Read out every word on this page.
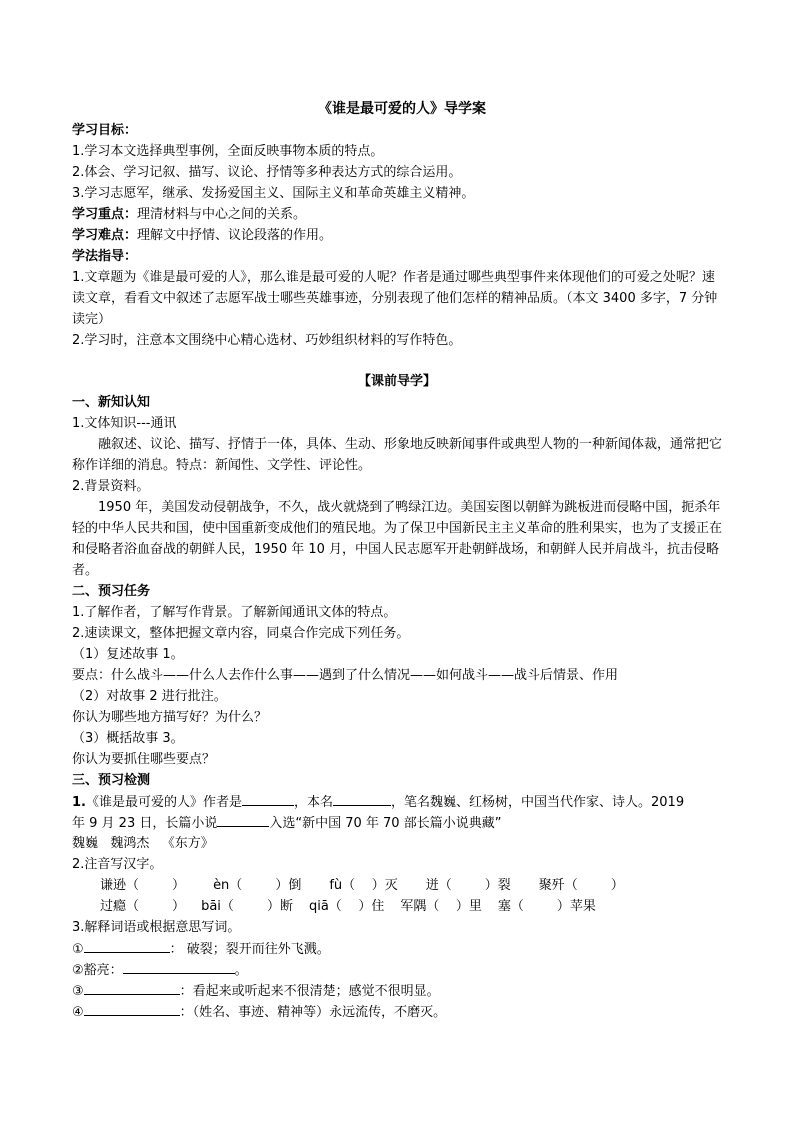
《谁是最可爱的人》导学案
学习目标：
1.学习本文选择典型事例，全面反映事物本质的特点。
2.体会、学习记叙、描写、议论、抒情等多种表达方式的综合运用。
3.学习志愿军，继承、发扬爱国主义、国际主义和革命英雄主义精神。
学习重点：理清材料与中心之间的关系。
学习难点：理解文中抒情、议论段落的作用。
学法指导：
1.文章题为《谁是最可爱的人》，那么谁是最可爱的人呢？作者是通过哪些典型事件来体现他们的可爱之处呢？速读文章，看看文中叙述了志愿军战士哪些英雄事迹，分别表现了他们怎样的精神品质。（本文 3400 多字，7 分钟读完）
2.学习时，注意本文围绕中心精心选材、巧妙组织材料的写作特色。
【课前导学】
一、新知认知
1.文体知识---通讯
融叙述、议论、描写、抒情于一体，具体、生动、形象地反映新闻事件或典型人物的一种新闻体裁，通常把它称作详细的消息。特点：新闻性、文学性、评论性。
2.背景资料。
1950 年，美国发动侵朝战争，不久，战火就烧到了鸭绿江边。美国妄图以朝鲜为跳板进而侵略中国，扼杀年轻的中华人民共和国，使中国重新变成他们的殖民地。为了保卫中国新民主主义革命的胜利果实，也为了支援正在和侵略者浴血奋战的朝鲜人民，1950 年 10 月，中国人民志愿军开赴朝鲜战场，和朝鲜人民并肩战斗，抗击侵略者。
二、预习任务
1.了解作者，了解写作背景。了解新闻通讯文体的特点。
2.速读课文，整体把握文章内容，同桌合作完成下列任务。
（1）复述故事 1。
要点：什么战斗——什么人去作什么事——遇到了什么情况——如何战斗——战斗后情景、作用
（2）对故事 2 进行批注。
你认为哪些地方描写好？为什么？
（3）概括故事 3。
你认为要抓住哪些要点？
三、预习检测
1.《谁是最可爱的人》作者是	，本名	，笔名魏巍、红杨树，中国当代作家、诗人。2019
年 9 月 23 日，长篇小说	入选“新中国 70 年 70 部长篇小说典藏”
魏巍   魏鸿杰   《东方》
2.注音写汉字。
谦逊（        ） èn（        ）倒 fù（    ）灭 迸（        ）裂 聚歼（        ）
过瘾（        ） bāi（        ）断 qiā（    ）住 军隅（    ）里 塞（        ）苹果
3.解释词语或根据意思写词。
①	： 破裂；裂开而往外飞溅。
②豁亮：	。
③	：看起来或听起来不很清楚；感觉不很明显。
④	：（姓名、事迹、精神等）永远流传，不磨灭。
